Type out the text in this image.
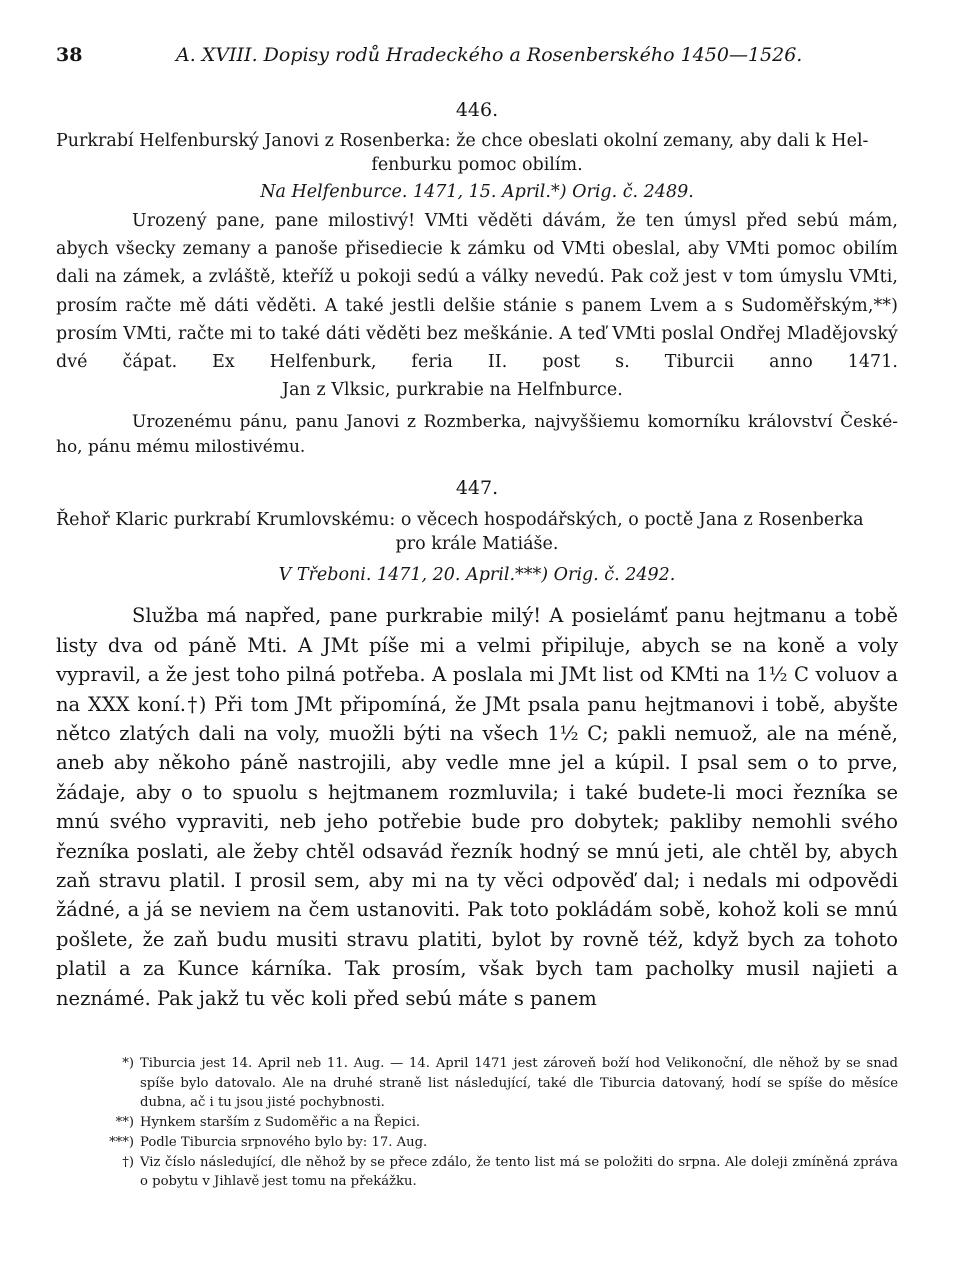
38	A. XVIII. Dopisy rodů Hradeckého a Rosenberského 1450—1526.
446.

Purkrabí Helfenburský Janovi z Rosenberka: že chce obeslati okolní zemany, aby dali k Hel-

fenburku pomoc obilím.

Na Helfenburce. 1471, 15. April.*) Orig. č. 2489.

Urozený pane, pane milostivý! VMti věděti dávám, že ten úmysl před sebú mám, abych všecky zemany a panoše přisediecie k zámku od VMti obeslal, aby VMti pomoc obilím dali na zámek, a zvláště, kteříž u pokoji sedú a války nevedú. Pak což jest v tom úmyslu VMti, prosím račte mě dáti věděti. A také jestli delšie stánie s panem Lvem a s Sudoměřským,**) prosím VMti, račte mi to také dáti věděti bez meškánie. A teď VMti poslal Ondřej Mladějovský dvé čápat. Ex Helfenburk, feria II. post s. Tiburcii anno 1471.Jan z Vlksic, purkrabie na Helfnburce.

Urozenému pánu, panu Janovi z Rozmberka, najvyššiemu komorníku království České-ho, pánu mému milostivému.

447.

Řehoř Klaric purkrabí Krumlovskému: o věcech hospodářských, o poctě Jana z Rosenberka

pro krále Matiáše.

V Třeboni. 1471, 20. April.***) Orig. č. 2492.

Služba má napřed, pane purkrabie milý! A posielámť panu hejtmanu a tobě listy dva od páně Mti. A JMt píše mi a velmi připiluje, abych se na koně a voly vypravil, a že jest toho pilná potřeba. A poslala mi JMt list od KMti na 1½ C voluov a na XXX koní.†) Při tom JMt připomíná, že JMt psala panu hejtmanovi i tobě, abyšte nětco zlatých dali na voly, muožli býti na všech 1½ C; pakli nemuož, ale na méně, aneb aby někoho páně nastrojili, aby vedle mne jel a kúpil. I psal sem o to prve, žádaje, aby o to spuolu s hejtmanem rozmluvila; i také budete-li moci řezníka se mnú svého vypraviti, neb jeho potřebie bude pro dobytek; pakliby nemohli svého řezníka poslati, ale žeby chtěl odsavád řezník hodný se mnú jeti, ale chtěl by, abych zaň stravu platil. I prosil sem, aby mi na ty věci odpověď dal; i nedals mi odpovědi žádné, a já se neviem na čem ustanoviti. Pak toto pokládám sobě, kohož koli se mnú pošlete, že zaň budu musiti stravu platiti, bylot by rovně též, když bych za tohoto platil a za Kunce kárníka. Tak prosím, však bych tam pacholky musil najieti a neznámé. Pak jakž tu věc koli před sebú máte s panem

*) Tiburcia jest 14. April neb 11. Aug. — 14. April 1471 jest zároveň boží hod Velikonoční, dle něhož by se snad spíše bylo datovalo. Ale na druhé straně list následující, také dle Tiburcia datovaný, hodí se spíše do měsíce dubna, ač i tu jsou jisté pochybnosti.
**) Hynkem starším z Sudoměřic a na Řepici.
***) Podle Tiburcia srpnového bylo by: 17. Aug.
†) Viz číslo následující, dle něhož by se přece zdálo, že tento list má se položiti do srpna. Ale doleji zmíněná zpráva o pobytu v Jihlavě jest tomu na překážku.
